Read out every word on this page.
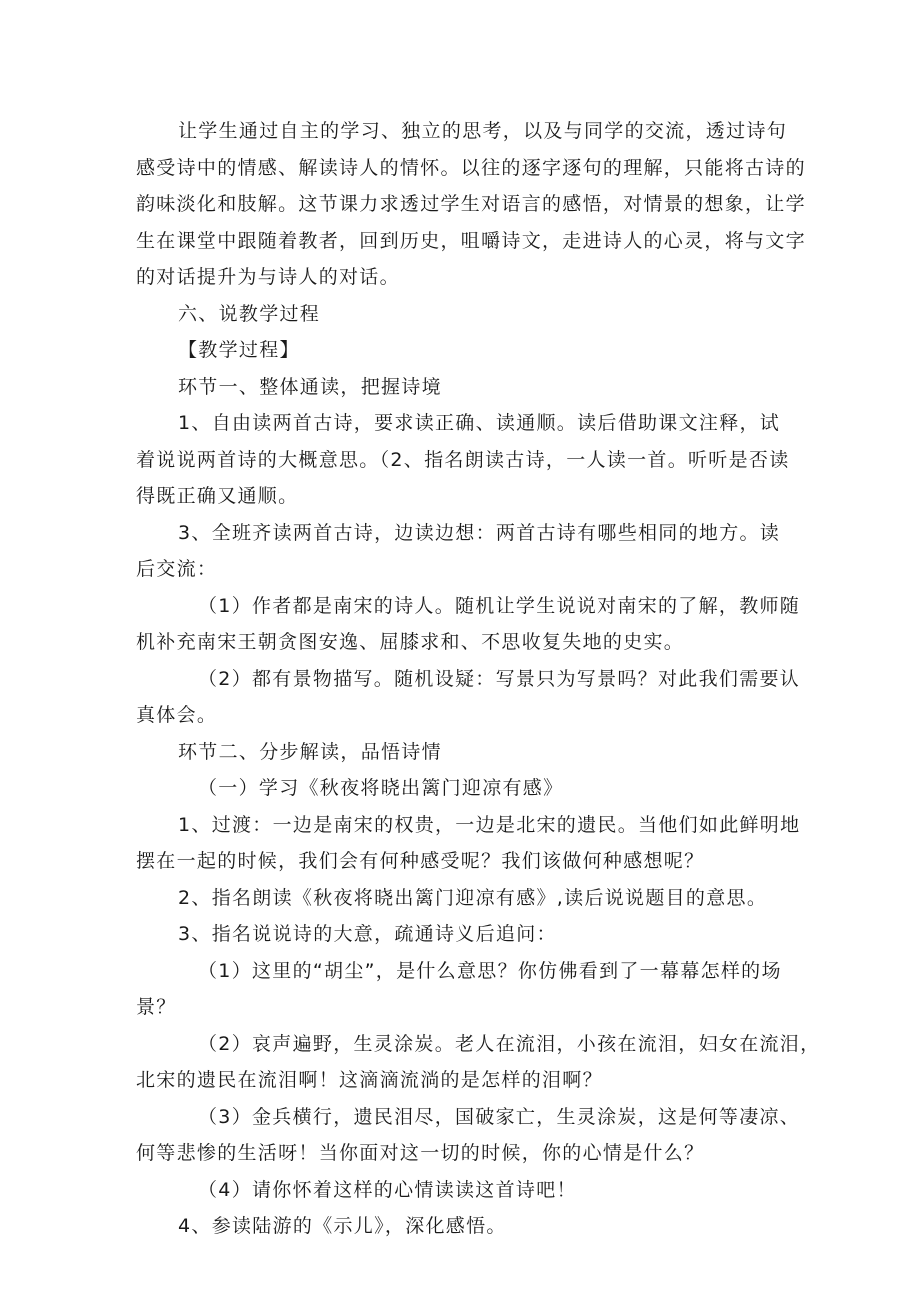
让学生通过自主的学习、独立的思考，以及与同学的交流，透过诗句
感受诗中的情感、解读诗人的情怀。以往的逐字逐句的理解，只能将古诗的
韵味淡化和肢解。这节课力求透过学生对语言的感悟，对情景的想象，让学
生在课堂中跟随着教者，回到历史，咀嚼诗文，走进诗人的心灵，将与文字
的对话提升为与诗人的对话。
六、说教学过程
【教学过程】
环节一、整体通读，把握诗境
1、自由读两首古诗，要求读正确、读通顺。读后借助课文注释，试
着说说两首诗的大概意思。（2、指名朗读古诗，一人读一首。听听是否读
得既正确又通顺。
3、全班齐读两首古诗，边读边想：两首古诗有哪些相同的地方。读
后交流：
（1）作者都是南宋的诗人。随机让学生说说对南宋的了解，教师随
机补充南宋王朝贪图安逸、屈膝求和、不思收复失地的史实。
（2）都有景物描写。随机设疑：写景只为写景吗？对此我们需要认
真体会。
环节二、分步解读，品悟诗情
（一）学习《秋夜将晓出篱门迎凉有感》
1、过渡：一边是南宋的权贵，一边是北宋的遗民。当他们如此鲜明地
摆在一起的时候，我们会有何种感受呢？我们该做何种感想呢？
2、指名朗读《秋夜将晓出篱门迎凉有感》,读后说说题目的意思。
3、指名说说诗的大意，疏通诗义后追问：
（1）这里的“胡尘”，是什么意思？你仿佛看到了一幕幕怎样的场
景？
（2）哀声遍野，生灵涂炭。老人在流泪，小孩在流泪，妇女在流泪，
北宋的遗民在流泪啊！这滴滴流淌的是怎样的泪啊？
（3）金兵横行，遗民泪尽，国破家亡，生灵涂炭，这是何等凄凉、
何等悲惨的生活呀！当你面对这一切的时候，你的心情是什么？
（4）请你怀着这样的心情读读这首诗吧！
4、参读陆游的《示儿》，深化感悟。
